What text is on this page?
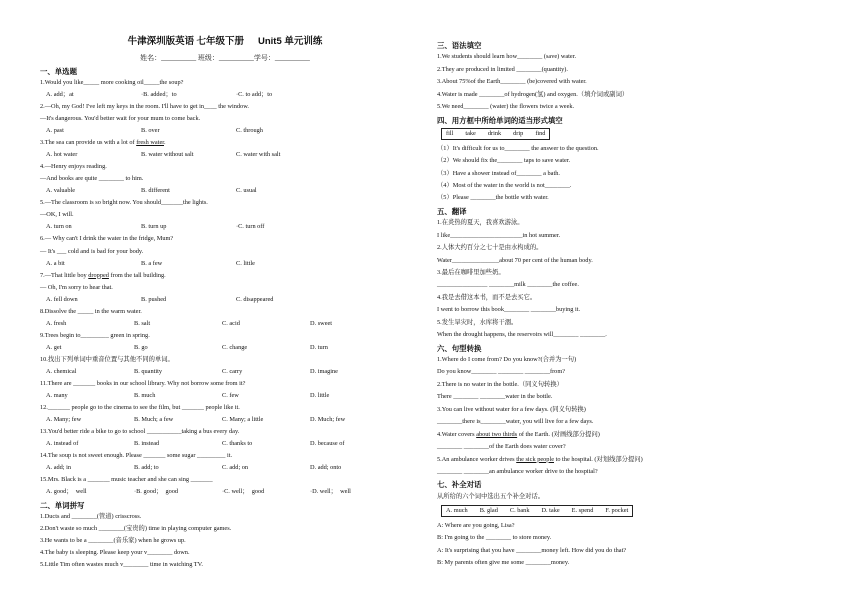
牛津深圳版英语 七年级下册 Unit5 单元训练
姓名：__________ 班级：__________学号：__________
一、单选题
1.Would you like_____ more cooking oil_____the soup?
A. add；at	·B. added；to	·C. to add；to
2.—Oh, my God! I've left my keys in the room. I'll have to get in____ the window.
—It's dangerous. You'd better wait for your mum to come back.
A. past	B. over	C. through
3.The sea can provide us with a lot of fresh water.
A. hot water	B. water without salt	C. water with salt
4.—Henry enjoys reading.
—And books are quite ________ to him.
A. valuable	B. different	C. usual
5.—The classroom is so bright now. You should_______the lights.
—OK, I will.
A. turn on	B. turn up	·C. turn off
6.— Why can't I drink the water in the fridge, Mum?
— It's ___ cold and is bad for your body.
A. a bit	B. a few	C. little
7.—That little boy dropped from the tall building.
— Oh, I'm sorry to hear that.
A. fell down	B. pushed	C. disappeared
8.Dissolve the _____ in the warm water.
A. fresh	B. salt	C. acid	D. sweet
9.Trees begin to_________ green in spring.
A. get	B. go	C. change	D. turn
10.找出下列单词中重音位置与其他不同的单词。
A. chemical	B. quantity	C. carry	D. imagine
11.There are _______ books in our school library. Why not borrow some from it?
A. many	B. much	C. few	D. little
12._______ people go to the cinema to see the film, but _______ people like it.
A. Many; few	B. Much; a few	C. Many; a little	D. Much; few
13.You'd better ride a bike to go to school ___________taking a bus every day.
A. instead of	B. instead	C. thanks to	D. because of
14.The soup is not sweet enough. Please _______ some sugar _________ it.
A. add; in	B. add; to	C. add; on	D. add; onto
15.Mrs. Black is a _______ music teacher and she can sing _______
A. good；  well	·B. good；  good	·C. well；  good	·D. well；  well
二、单词拼写
1.Ducts and ________(管道) crisscross.
2.Don't waste so much ________(宝贵的) time in playing computer games.
3.He wants to be a ________(音乐家) when he grows up.
4.The baby is sleeping. Please keep your v________ down.
5.Little Tim often wastes much v________ time in watching TV.
三、语法填空
1.We students should learn how________ (save) water.
2.They are produced in limited ________(quantity).
3.About 75%of the Earth________ (be)covered with water.
4.Water is made ________of hydrogen(氢) and oxygen.（填介词或副词）
5.We need________ (water) the flowers twice a week.
四、用方框中所给单词的适当形式填空
fill take drink drip find
（1）It's difficult for us to________ the answer to the question.
（2）We should fix the________ taps to save water.
（3）Have a shower instead of________ a bath.
（4）Most of the water in the world is not________.
（5）Please ________the bottle with water.
五、翻译
1.在炎热的夏天，我喜欢游泳。
I like_______________________in hot summer.
2.人体大约百分之七十是由水构成的。
Water_______________about 70 per cent of the human body.
3.最后在咖啡里加些奶。
________________ ________milk ________the coffee.
4.我是去借这本书，而不是去买它。
I went to borrow this book________ ________buying it.
5.发生旱灾时，水库将干涸。
When the drought happens, the reservoirs will________ ________.
六、句型转换
1.Where do I come from? Do you know?(合并为一句)
Do you know________ ________ ________from?
2.There is no water in the bottle.（同义句转换）
There ________ ________water in the bottle.
3.You can live without water for a few days. (同义句转换)
________there is________water, you will live for a few days.
4.Water covers about two thirds of the Earth. (对画线部分提问)
________ ________of the Earth does water cover?
5.An ambulance worker drives the sick people to the hospital. (对划线部分提问)
________ ________an ambulance worker drive to the hospital?
七、补全对话
从所给的六个词中选出五个补全对话。
A. much B. glad C. bank D. take E. spend F. pocket
A: Where are you going, Lisa?
B: I'm going to the ________ to store money.
A: It's surprising that you have ________money left. How did you do that?
B: My parents often give me some ________money.
